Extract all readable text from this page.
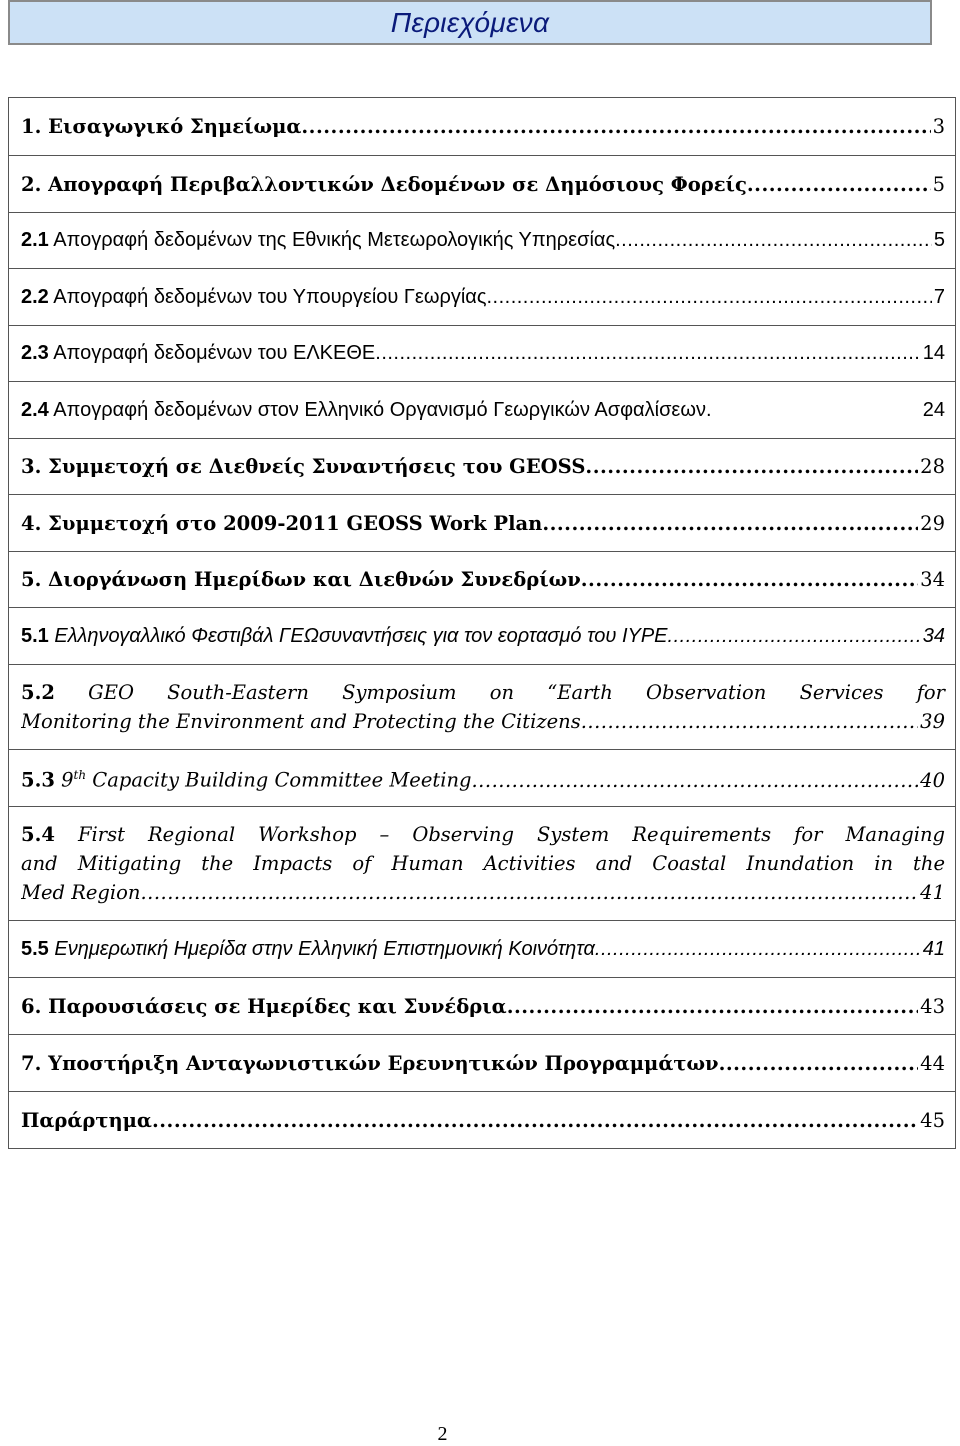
Περιεχόμενα
1. Εισαγωγικό Σημείωμα .....	3
2. Απογραφή Περιβαλλοντικών Δεδομένων σε Δημόσιους Φορείς .....	5
2.1 Απογραφή δεδομένων της Εθνικής Μετεωρολογικής Υπηρεσίας .....	5
2.2 Απογραφή δεδομένων του Υπουργείου Γεωργίας .....	7
2.3 Απογραφή δεδομένων του ΕΛΚΕΘΕ .....	14
2.4 Απογραφή δεδομένων στον Ελληνικό Οργανισμό Γεωργικών Ασφαλίσεων.	24
3. Συμμετοχή σε Διεθνείς Συναντήσεις του GEOSS .....	28
4. Συμμετοχή στο 2009-2011 GEOSS Work Plan .....	29
5. Διοργάνωση Ημερίδων και Διεθνών Συνεδρίων .....	34
5.1 Ελληνογαλλικό Φεστιβάλ ΓΕΩσυναντήσεις για τον εορτασμό του IYPE .....	34
5.2 GEO South-Eastern Symposium on “Earth Observation Services for
Monitoring the Environment and Protecting the Citizens .....	39
5.3 9th Capacity Building Committee Meeting .....	40
5.4 First Regional Workshop – Observing System Requirements for Managing
and Mitigating the Impacts of Human Activities and Coastal Inundation in the
Med Region .....	41
5.5 Ενημερωτική Ημερίδα στην Ελληνική Επιστημονική Κοινότητα .....	41
6. Παρουσιάσεις σε Ημερίδες και Συνέδρια .....	43
7. Υποστήριξη Ανταγωνιστικών Ερευνητικών Προγραμμάτων .....	44
Παράρτημα .....	45
2
